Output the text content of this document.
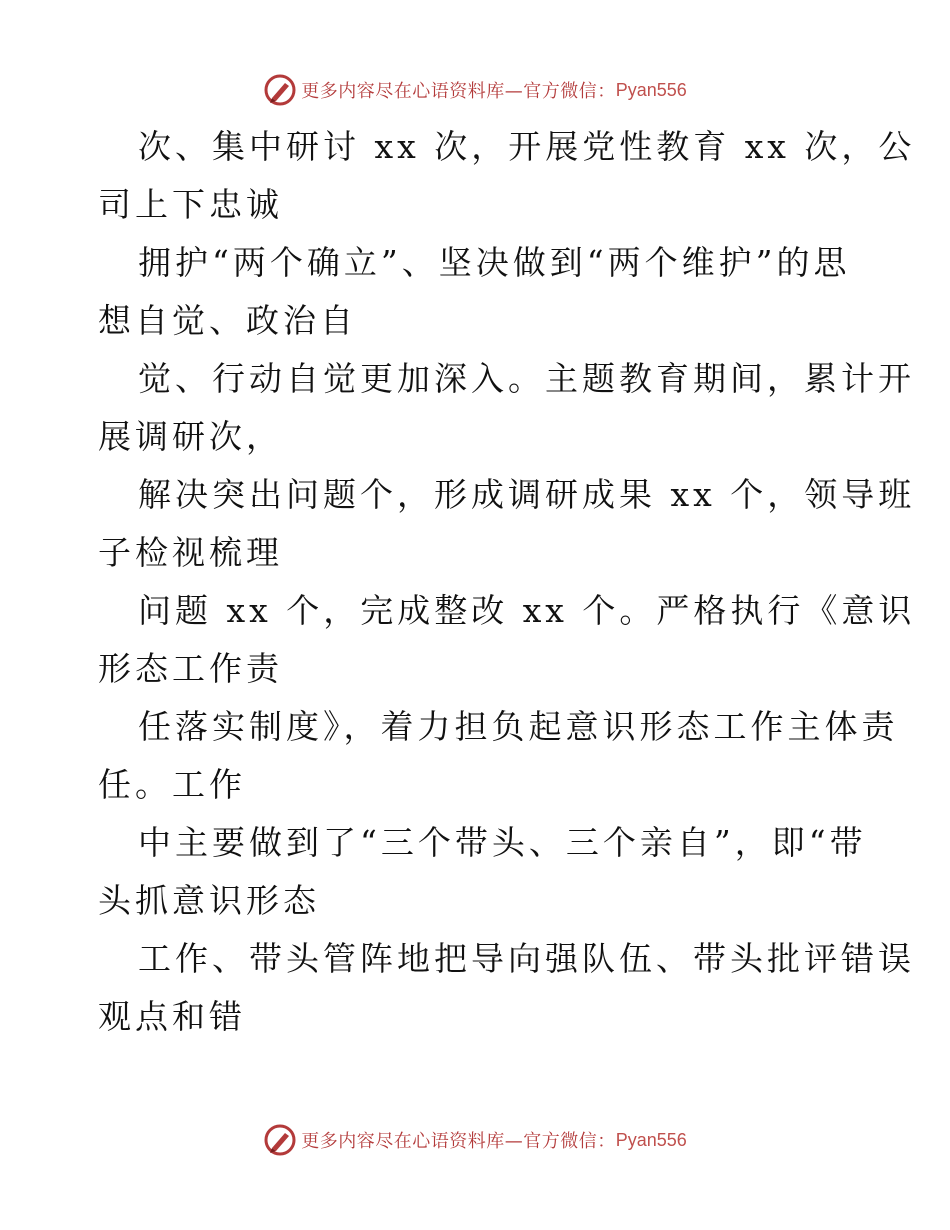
更多内容尽在心语资料库—官方微信： Pyan556

次、集中研讨 xx 次，开展党性教育 xx 次，公
司上下忠诚

拥护“两个确立”、坚决做到“两个维护”的思
想自觉、政治自

觉、行动自觉更加深入。主题教育期间，累计开
展调研次，

解决突出问题个，形成调研成果 xx 个，领导班
子检视梳理

问题 xx 个，完成整改 xx 个。严格执行《意识
形态工作责

任落实制度》，着力担负起意识形态工作主体责
任。工作

中主要做到了“三个带头、三个亲自”，即“带
头抓意识形态

工作、带头管阵地把导向强队伍、带头批评错误
观点和错

更多内容尽在心语资料库—官方微信： Pyan556
